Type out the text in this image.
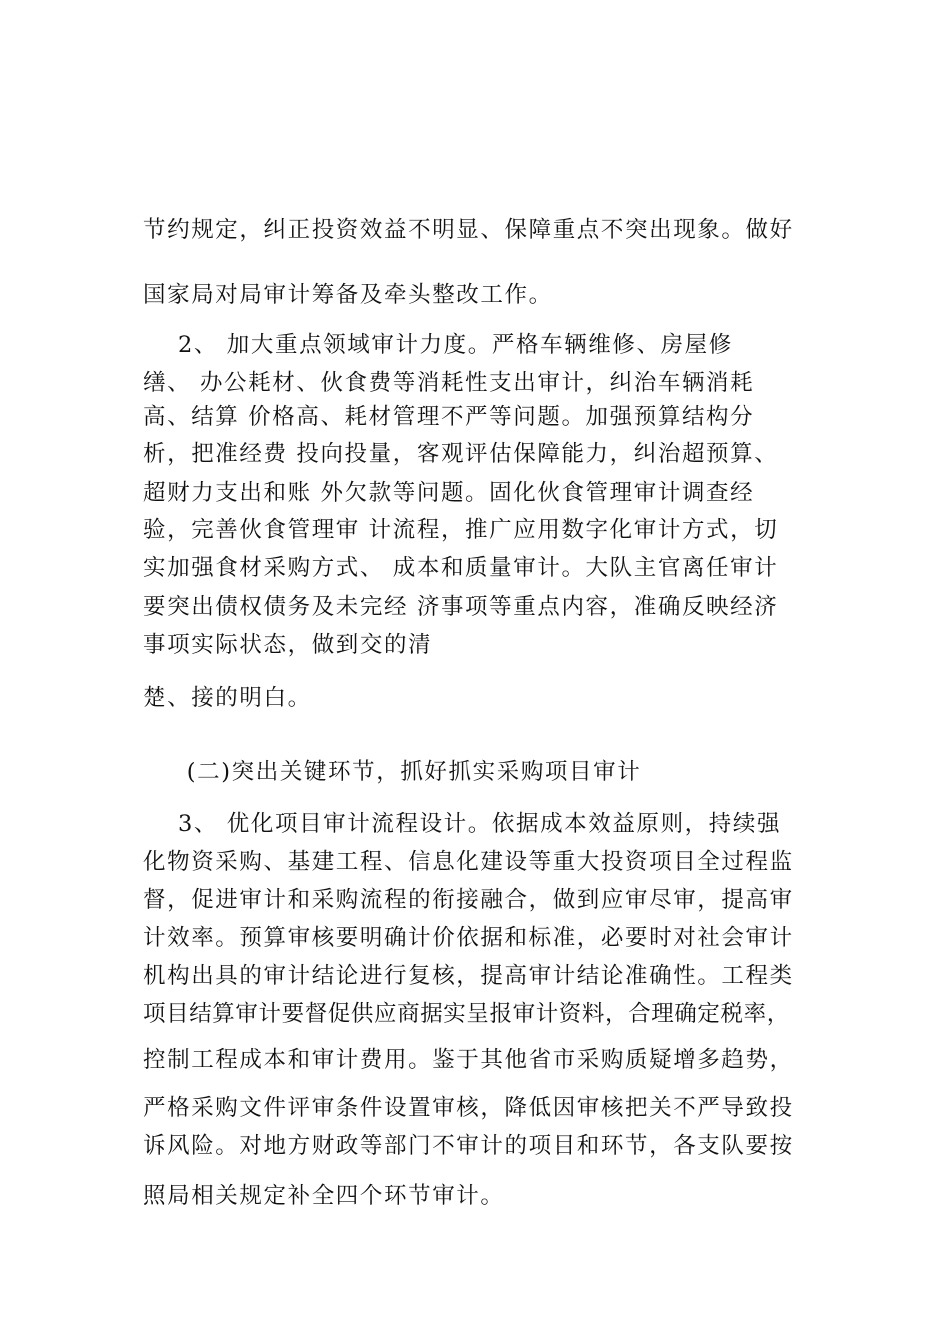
节约规定，纠正投资效益不明显、保障重点不突出现象。做好
国家局对局审计筹备及牵头整改工作。
2、 加大重点领域审计力度。严格车辆维修、房屋修
缮、 办公耗材、伙食费等消耗性支出审计，纠治车辆消耗
高、结算 价格高、耗材管理不严等问题。加强预算结构分
析，把准经费 投向投量，客观评估保障能力，纠治超预算、
超财力支出和账 外欠款等问题。固化伙食管理审计调查经
验，完善伙食管理审 计流程，推广应用数字化审计方式，切
实加强食材采购方式、 成本和质量审计。大队主官离任审计
要突出债权债务及未完经 济事项等重点内容，准确反映经济
事项实际状态，做到交的清
楚、接的明白。
(二)突出关键环节，抓好抓实采购项目审计
3、 优化项目审计流程设计。依据成本效益原则，持续强
化物资采购、基建工程、信息化建设等重大投资项目全过程监
督，促进审计和采购流程的衔接融合，做到应审尽审，提高审
计效率。预算审核要明确计价依据和标准，必要时对社会审计
机构出具的审计结论进行复核，提高审计结论准确性。工程类
项目结算审计要督促供应商据实呈报审计资料，合理确定税率，
控制工程成本和审计费用。鉴于其他省市采购质疑增多趋势，
严格采购文件评审条件设置审核，降低因审核把关不严导致投
诉风险。对地方财政等部门不审计的项目和环节，各支队要按
照局相关规定补全四个环节审计。
